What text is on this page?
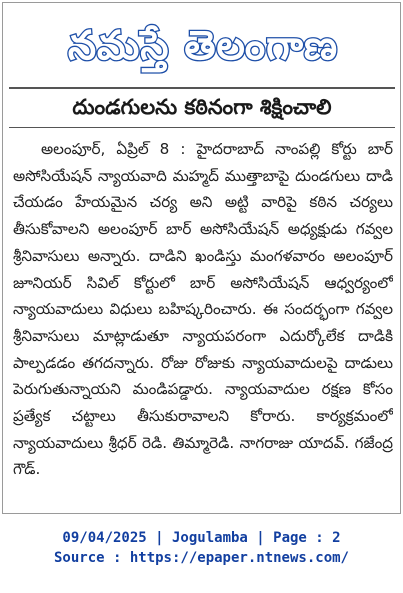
నమస్తే తెలంగాణ
దుండగులను కఠినంగా శిక్షించాలి
అలంపూర్, ఏప్రిల్ 8 : హైదరాబాద్ నాంపల్లి కోర్టు బార్ అసోసియేషన్ న్యాయవాది మహ్మద్ ముత్తాబాపై దుండగులు దాడి చేయడం హేయమైన చర్య అని అట్టి వారిపై కఠిన చర్యలు తీసుకోవాలని అలంపూర్ బార్ అసోసియేషన్ అధ్యక్షుడు గవ్వల శ్రీనివాసులు అన్నారు. దాడిని ఖండిస్తు మంగళవారం అలంపూర్ జూనియర్ సివిల్ కోర్టులో బార్ అసోసియేషన్ ఆధ్వర్యంలో న్యాయవాదులు విధులు బహిష్కరించారు. ఈ సందర్భంగా గవ్వల శ్రీనివాసులు మాట్లాడుతూ న్యాయపరంగా ఎదుర్కోలేక దాడికి పాల్పడడం తగదన్నారు. రోజు రోజుకు న్యాయవాదులపై దాడులు పెరుగుతున్నాయని మండిపడ్డారు. న్యాయవాదుల రక్షణ కోసం ప్రత్యేక చట్టాలు తీసుకురావాలని కోరారు. కార్యక్రమంలో న్యాయవాదులు శ్రీధర్ రెడి. తిమ్మారెడి. నాగరాజు యాదవ్. గజేంద్ర గౌడ్.
09/04/2025 | Jogulamba | Page : 2
Source : https://epaper.ntnews.com/
